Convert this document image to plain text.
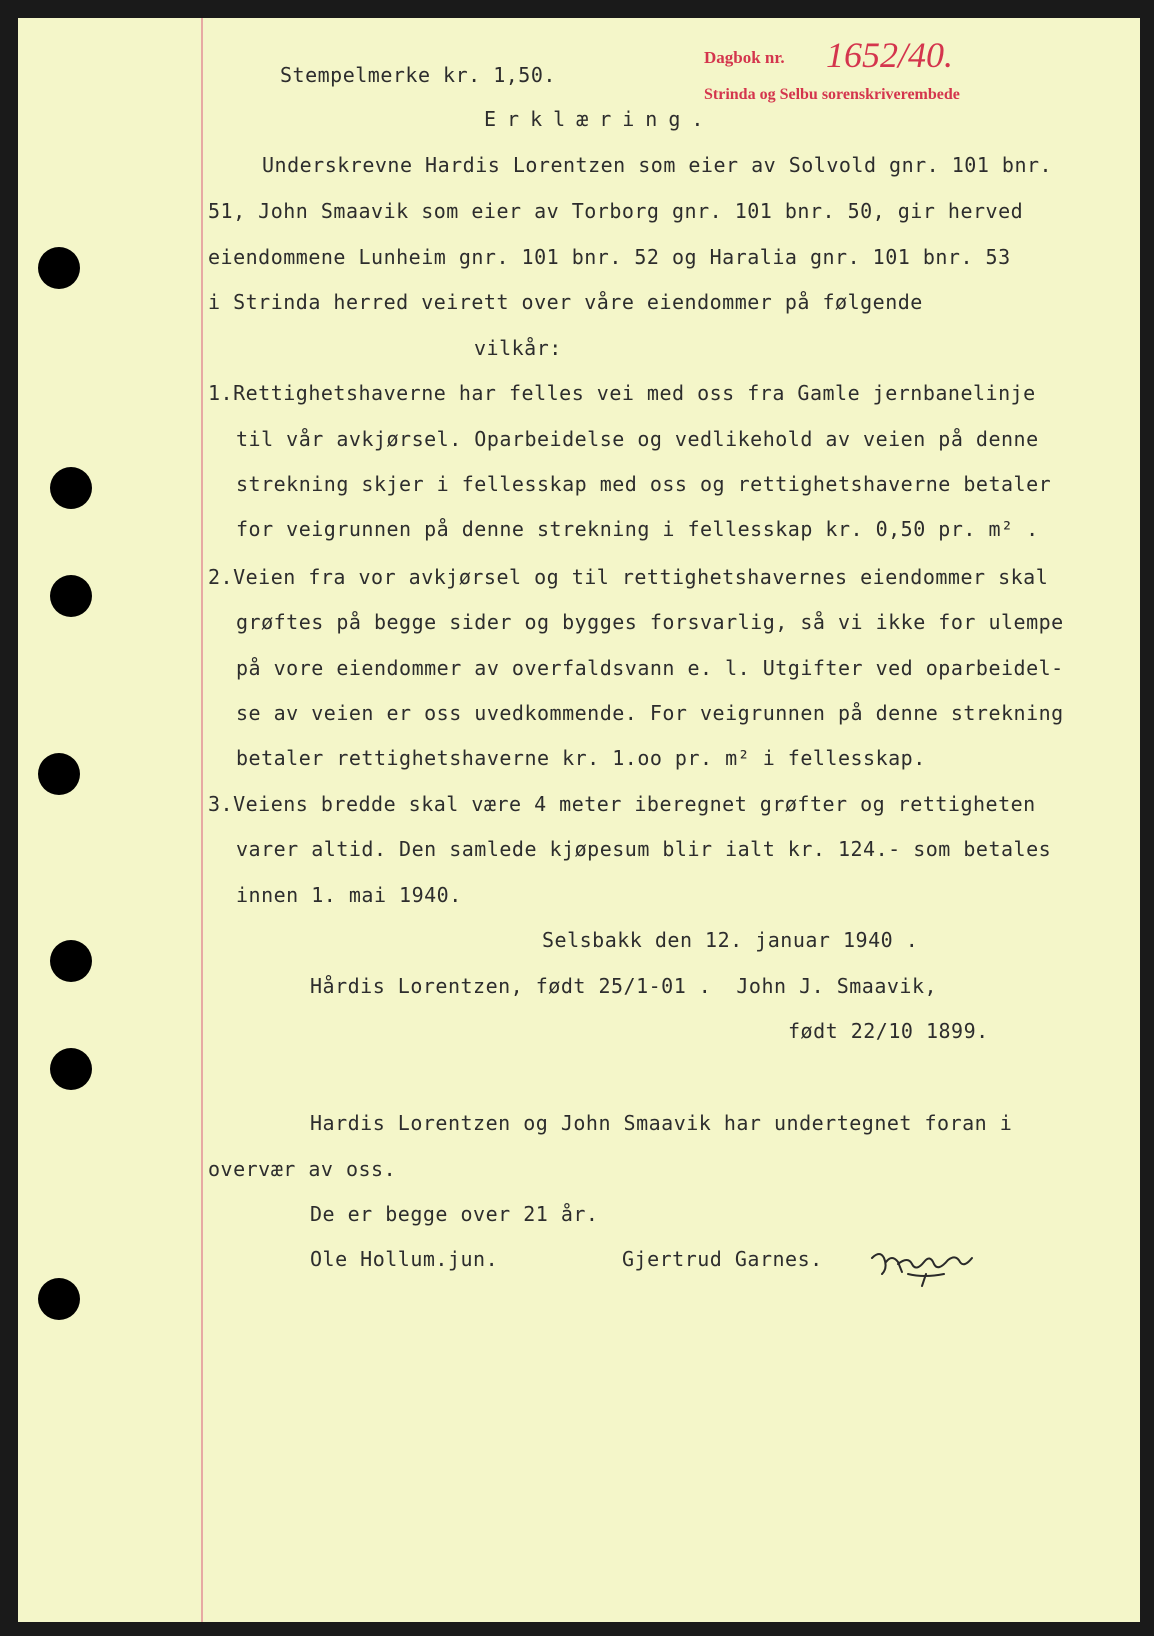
Dagbok nr. 1652/40.
Strinda og Selbu sorenskriverembede
Stempelmerke kr. 1,50.
Erklæring.
Underskrevne Hardis Lorentzen som eier av Solvold gnr. 101 bnr.
51, John Smaavik som eier av Torborg gnr. 101 bnr. 50, gir herved
eiendommene Lunheim gnr. 101 bnr. 52 og Haralia gnr. 101 bnr. 53
i Strinda herred veirett over våre eiendommer på følgende
vilkår:
1.Rettighetshaverne har felles vei med oss fra Gamle jernbanelinje
til vår avkjørsel. Oparbeidelse og vedlikehold av veien på denne
strekning skjer i fellesskap med oss og rettighetshaverne betaler
for veigrunnen på denne strekning i fellesskap kr. 0,50 pr. m² .
2.Veien fra vor avkjørsel og til rettighetshavernes eiendommer skal
grøftes på begge sider og bygges forsvarlig, så vi ikke for ulempe
på vore eiendommer av overfaldsvann e. l. Utgifter ved oparbeidel-
se av veien er oss uvedkommende. For veigrunnen på denne strekning
betaler rettighetshaverne kr. 1.oo pr. m² i fellesskap.
3.Veiens bredde skal være 4 meter iberegnet grøfter og rettigheten
varer altid. Den samlede kjøpesum blir ialt kr. 124.- som betales
innen 1. mai 1940.
Selsbakk den 12. januar 1940 .
Hårdis Lorentzen, født 25/1-01 .  John J. Smaavik,
født 22/10 1899.
Hardis Lorentzen og John Smaavik har undertegnet foran i
overvær av oss.
De er begge over 21 år.
Ole Hollum.jun.	Gjertrud Garnes.
